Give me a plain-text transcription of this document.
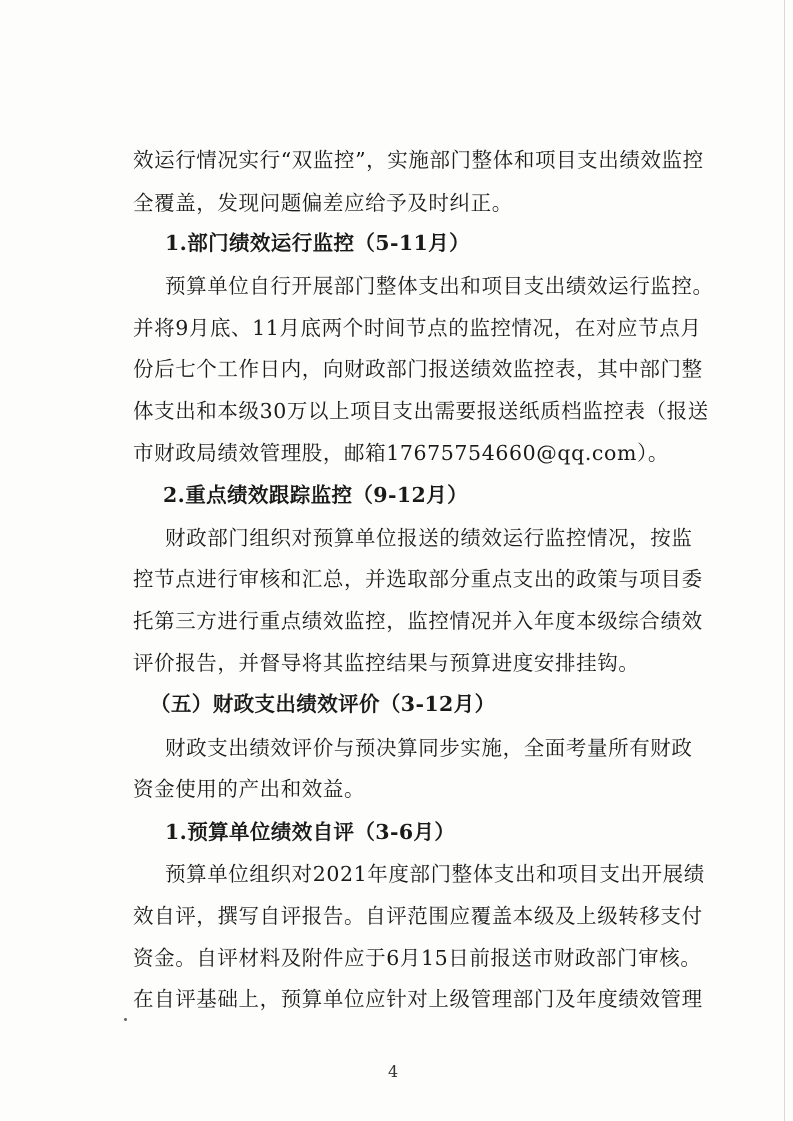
效运行情况实行“双监控”，实施部门整体和项目支出绩效监控
全覆盖，发现问题偏差应给予及时纠正。
1.部门绩效运行监控（5-11月）
预算单位自行开展部门整体支出和项目支出绩效运行监控。
并将9月底、11月底两个时间节点的监控情况，在对应节点月
份后七个工作日内，向财政部门报送绩效监控表，其中部门整
体支出和本级30万以上项目支出需要报送纸质档监控表（报送
市财政局绩效管理股，邮箱17675754660@qq.com）。
2.重点绩效跟踪监控（9-12月）
财政部门组织对预算单位报送的绩效运行监控情况，按监
控节点进行审核和汇总，并选取部分重点支出的政策与项目委
托第三方进行重点绩效监控，监控情况并入年度本级综合绩效
评价报告，并督导将其监控结果与预算进度安排挂钩。
（五）财政支出绩效评价（3-12月）
财政支出绩效评价与预决算同步实施，全面考量所有财政
资金使用的产出和效益。
1.预算单位绩效自评（3-6月）
预算单位组织对2021年度部门整体支出和项目支出开展绩
效自评，撰写自评报告。自评范围应覆盖本级及上级转移支付
资金。自评材料及附件应于6月15日前报送市财政部门审核。
在自评基础上，预算单位应针对上级管理部门及年度绩效管理
4
